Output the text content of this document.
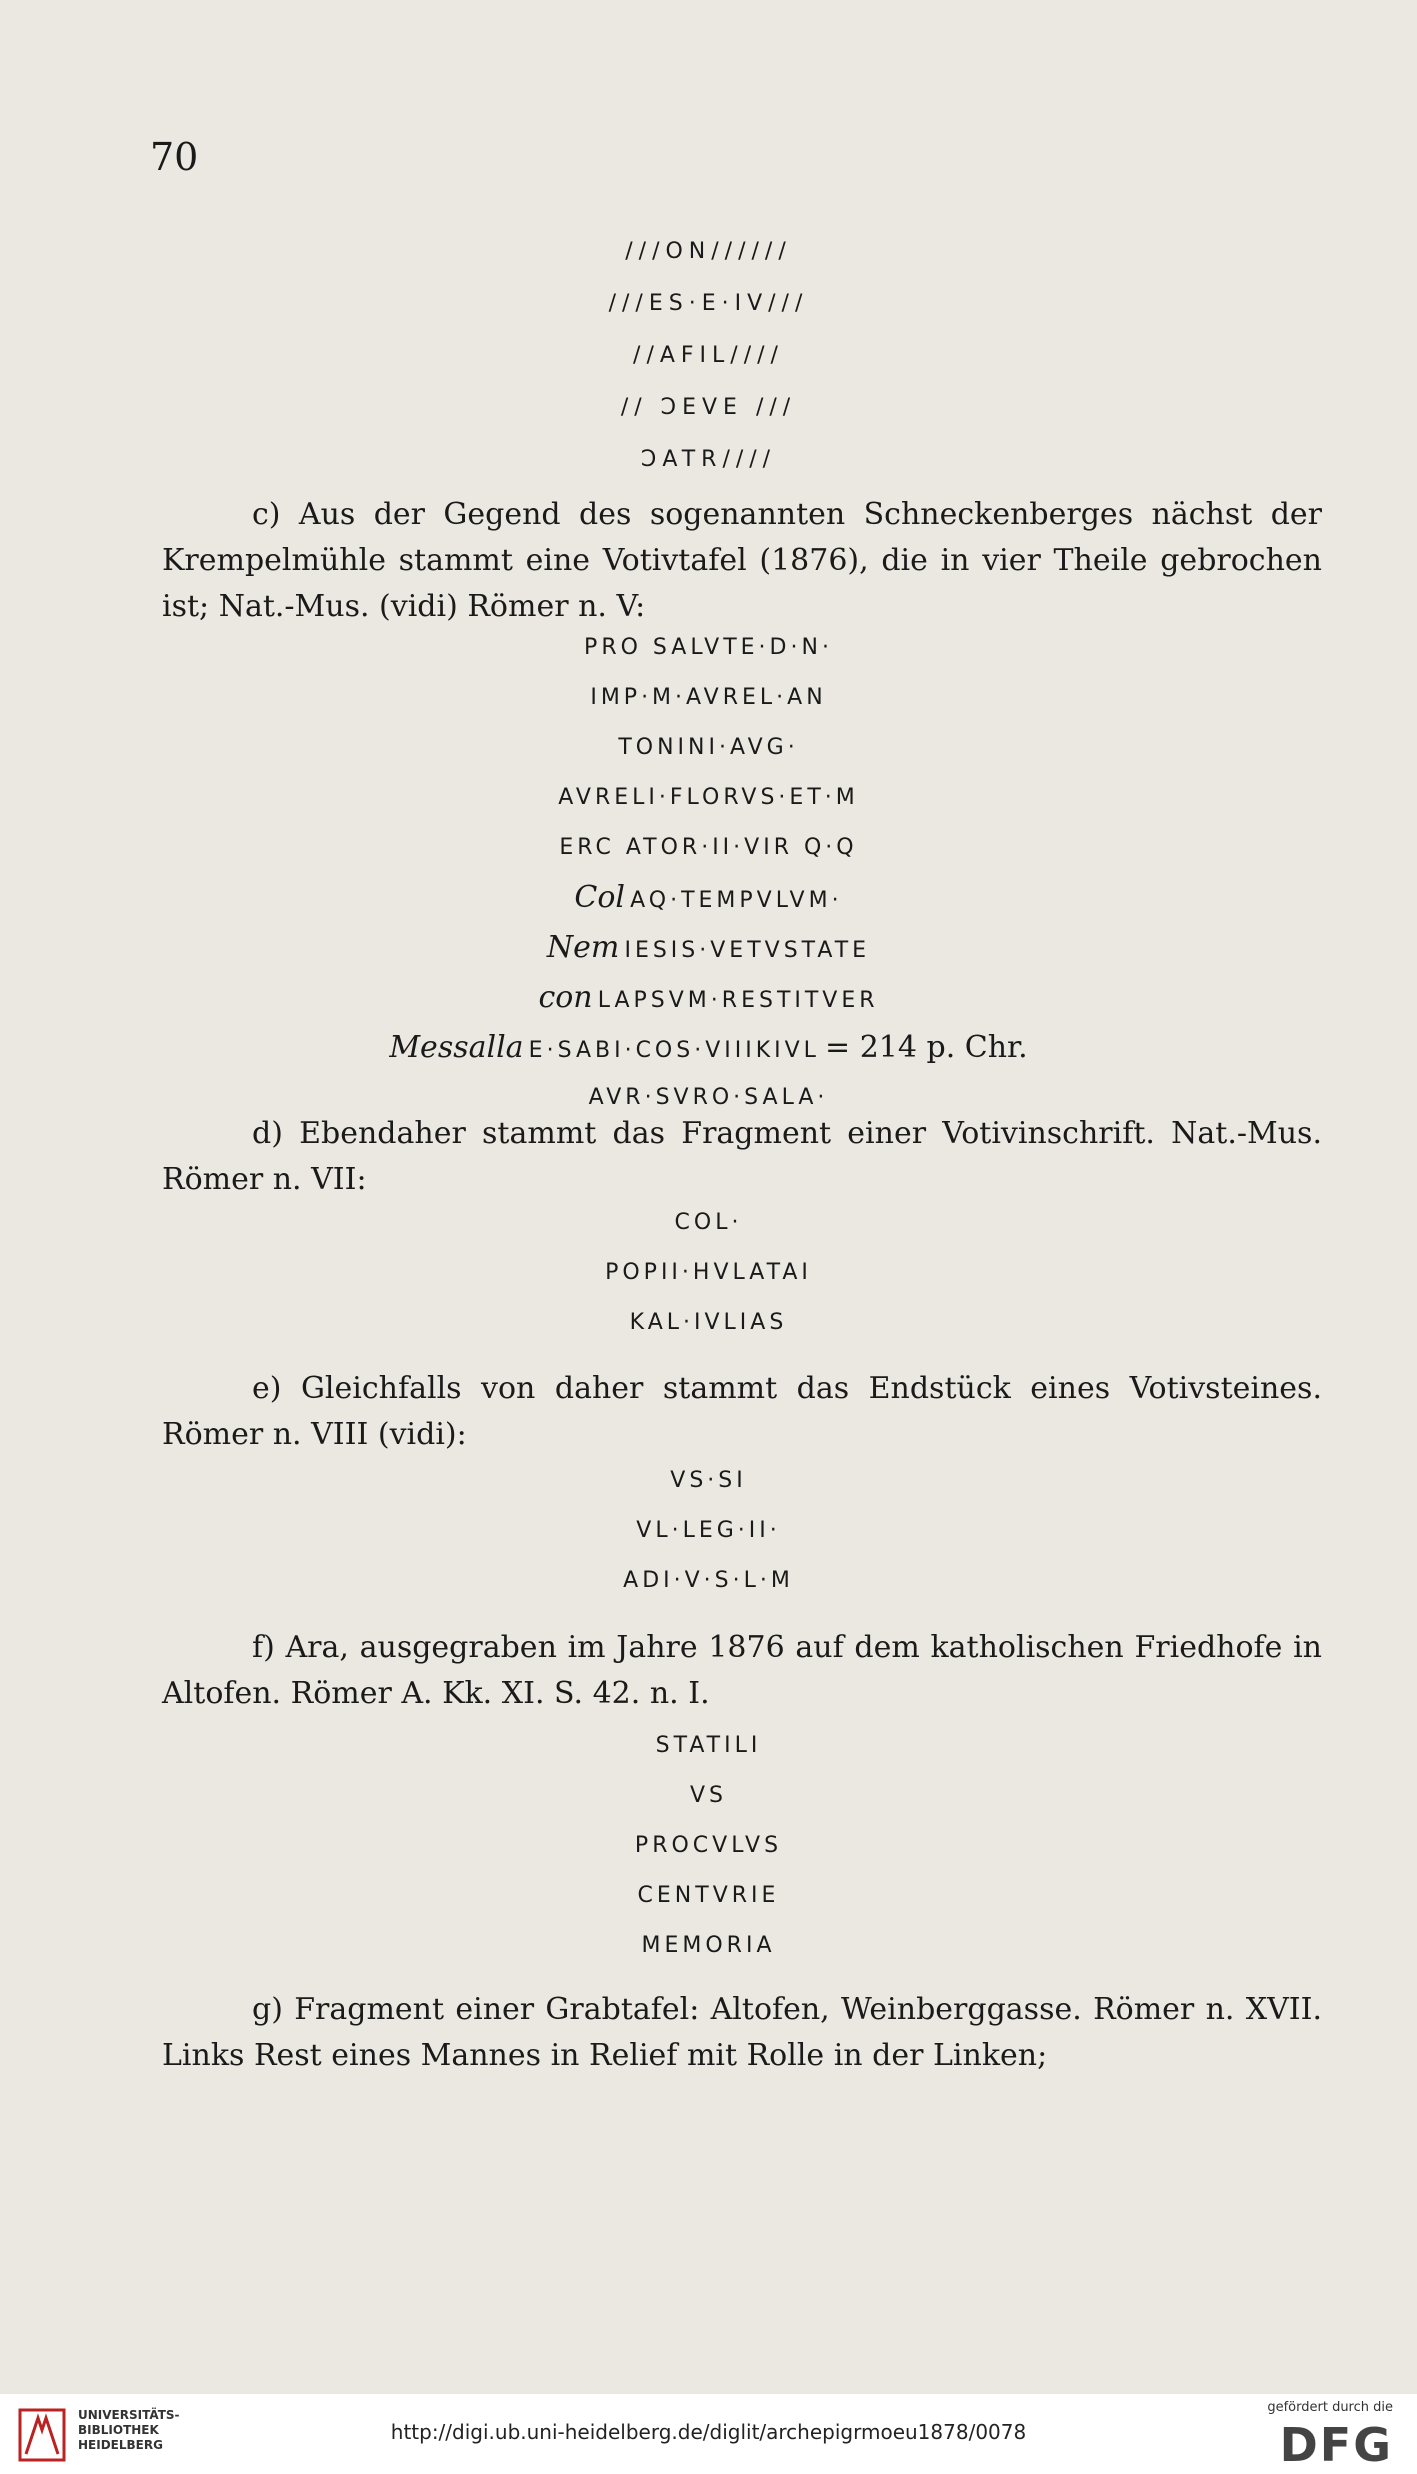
70
///ON//////
///ES·E·IV///
//AFIL////
// ƆEVE ///
ƆATR////
c) Aus der Gegend des sogenannten Schneckenberges nächst der Krempelmühle stammt eine Votivtafel (1876), die in vier Theile gebrochen ist; Nat.-Mus. (vidi) Römer n. V:
PRO SALVTE·D·N·
IMP·M·AVREL·AN
TONINI·AVG·
AVRELI·FLORVS·ET·M
ERC ATOR·II·VIR Q·Q
Col AQ·TEMPVLVM·
Nem IESIS·VETVSTATE
con LAPSVM·RESTITVER
Messalla E·SABI·COS·VIIIKIVL = 214 p. Chr.
AVR·SVRO·SALA·
d) Ebendaher stammt das Fragment einer Votivinschrift. Nat.-Mus. Römer n. VII:
COL·
POPII·HVLATAI
KAL·IVLIAS
e) Gleichfalls von daher stammt das Endstück eines Votivsteines. Römer n. VIII (vidi):
VS·SI
VL·LEG·II·
ADI·V·S·L·M
f) Ara, ausgegraben im Jahre 1876 auf dem katholischen Friedhofe in Altofen. Römer A. Kk. XI. S. 42. n. I.
STATILI
VS
PROCVLVS
CENTVRIE
MEMORIA
g) Fragment einer Grabtafel: Altofen, Weinberggasse. Römer n. XVII. Links Rest eines Mannes in Relief mit Rolle in der Linken;
UNIVERSITÄTS-
BIBLIOTHEK
HEIDELBERG
http://digi.ub.uni-heidelberg.de/diglit/archepigrmoeu1878/0078
gefördert durch die
DFG
